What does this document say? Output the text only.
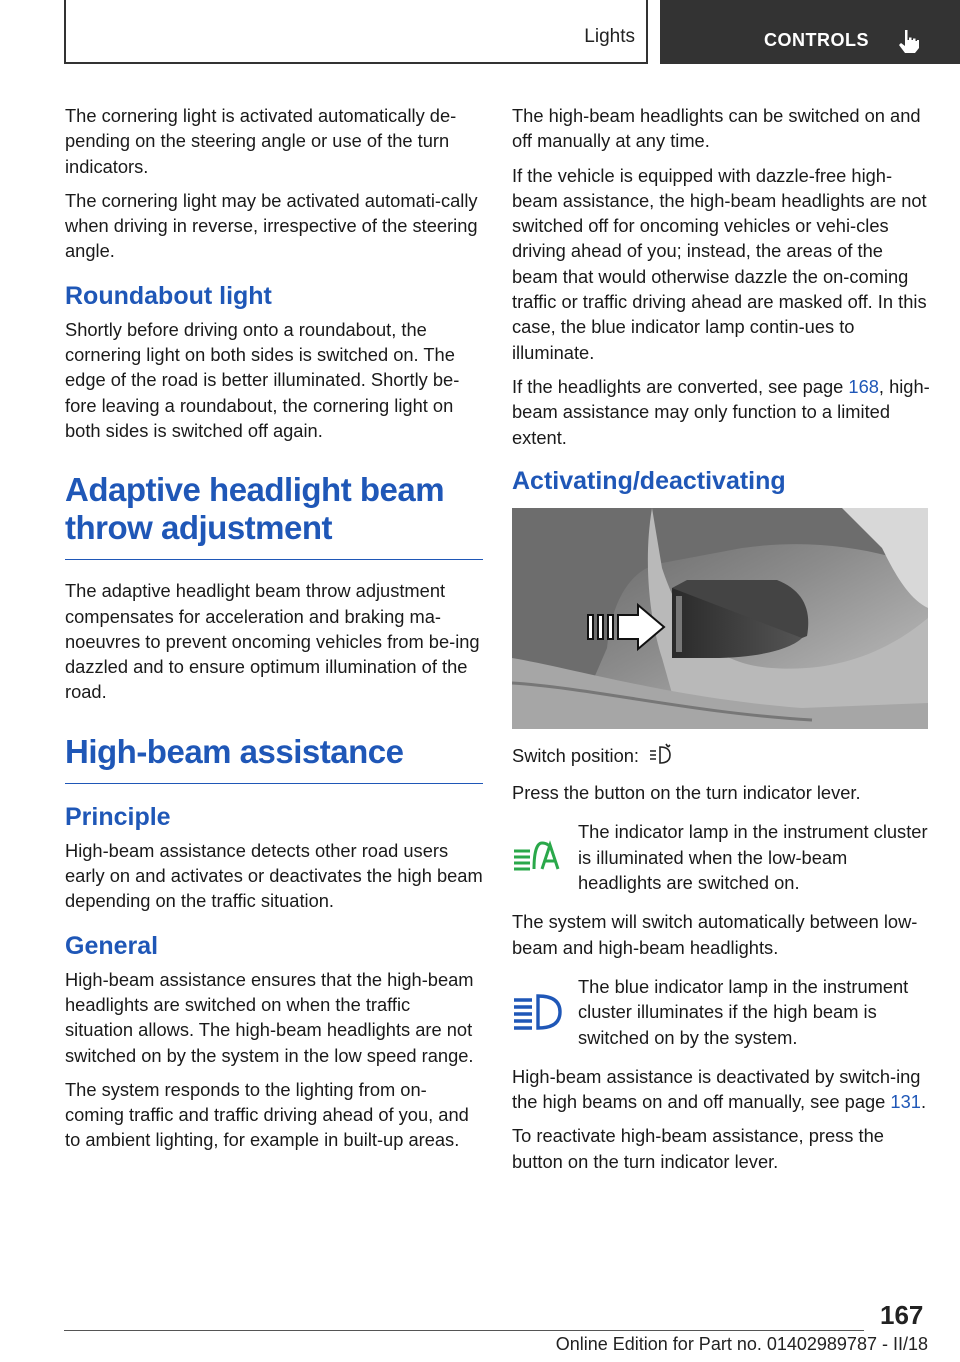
Lights	CONTROLS

The cornering light is activated automatically de‐pending on the steering angle or use of the turn indicators.

The cornering light may be activated automati‐cally when driving in reverse, irrespective of the steering angle.

Roundabout light

Shortly before driving onto a roundabout, the cornering light on both sides is switched on. The edge of the road is better illuminated. Shortly be‐fore leaving a roundabout, the cornering light on both sides is switched off again.

Adaptive headlight beam throw adjustment

The adaptive headlight beam throw adjustment compensates for acceleration and braking ma‐noeuvres to prevent oncoming vehicles from be‐ing dazzled and to ensure optimum illumination of the road.

High-beam assistance
Principle

High-beam assistance detects other road users early on and activates or deactivates the high beam depending on the traffic situation.

General

High-beam assistance ensures that the high-beam headlights are switched on when the traffic situation allows. The high-beam headlights are not switched on by the system in the low speed range.

The system responds to the lighting from on‐coming traffic and traffic driving ahead of you, and to ambient lighting, for example in built-up areas.

The high-beam headlights can be switched on and off manually at any time.

If the vehicle is equipped with dazzle-free high-beam assistance, the high-beam headlights are not switched off for oncoming vehicles or vehi‐cles driving ahead of you; instead, the areas of the beam that would otherwise dazzle the on‐coming traffic or traffic driving ahead are masked off. In this case, the blue indicator lamp contin‐ues to illuminate.

If the headlights are converted, see page 168, high-beam assistance may only function to a limited extent.

Activating/deactivating

Switch position:

Press the button on the turn indicator lever.

The indicator lamp in the instrument cluster is illuminated when the low-beam headlights are switched on.

The system will switch automatically between low-beam and high-beam headlights.

The blue indicator lamp in the instrument cluster illuminates if the high beam is switched on by the system.

High-beam assistance is deactivated by switch‐ing the high beams on and off manually, see page 131.

To reactivate high-beam assistance, press the button on the turn indicator lever.

167
Online Edition for Part no. 01402989787 - II/18
